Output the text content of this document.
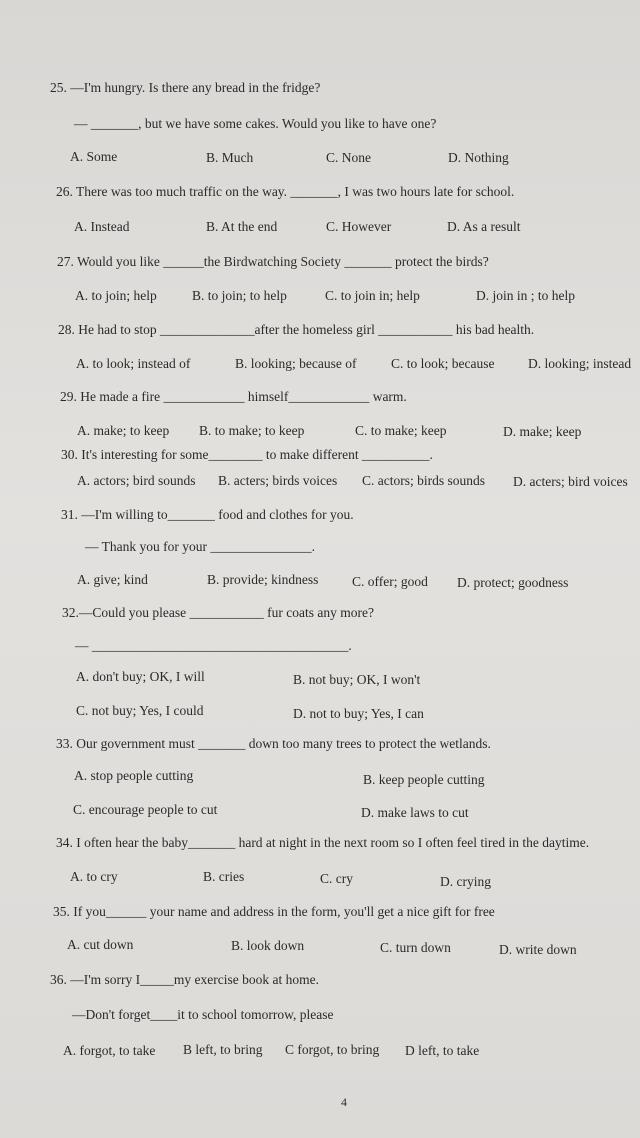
25. —I'm hungry. Is there any bread in the fridge?
— _______, but we have some cakes. Would you like to have one?
A. Some	B. Much	C. None	D. Nothing
26. There was too much traffic on the way. _______, I was two hours late for school.
A. Instead	B. At the end	C. However	D. As a result
27. Would you like ______the Birdwatching Society _______ protect the birds?
A. to join; help	B. to join; to help	C. to join in; help	D. join in ; to help
28. He had to stop ______________after the homeless girl ___________ his bad health.
A. to look; instead of	B. looking; because of	C. to look; because D. looking; instead
29. He made a fire ____________ himself____________ warm.
A. make; to keep B. to make; to keep	C. to make; keep	D. make; keep
30. It's interesting for some________ to make different __________.
A. actors; bird sounds B. acters; birds voices C. actors; birds sounds D. acters; bird voices
31. —I'm willing to_______ food and clothes for you.
— Thank you for your _______________.
A. give; kind	B. provide; kindness C. offer; good D. protect; goodness
32.—Could you please ___________ fur coats any more?
— ______________________________________.
A. don't buy; OK, I will	B. not buy; OK, I won't
C. not buy; Yes, I could	D. not to buy; Yes, I can
33. Our government must _______ down too many trees to protect the wetlands.
A. stop people cutting	B. keep people cutting
C. encourage people to cut	D. make laws to cut
34. I often hear the baby_______ hard at night in the next room so I often feel tired in the daytime.
A. to cry	B. cries	C. cry	D. crying
35. If you______ your name and address in the form, you'll get a nice gift for free
A. cut down	B. look down	C. turn down	D. write down
36. —I'm sorry I_____my exercise book at home.
—Don't forget____it to school tomorrow, please
A. forgot, to take B left, to bring C forgot, to bring D left, to take
4
